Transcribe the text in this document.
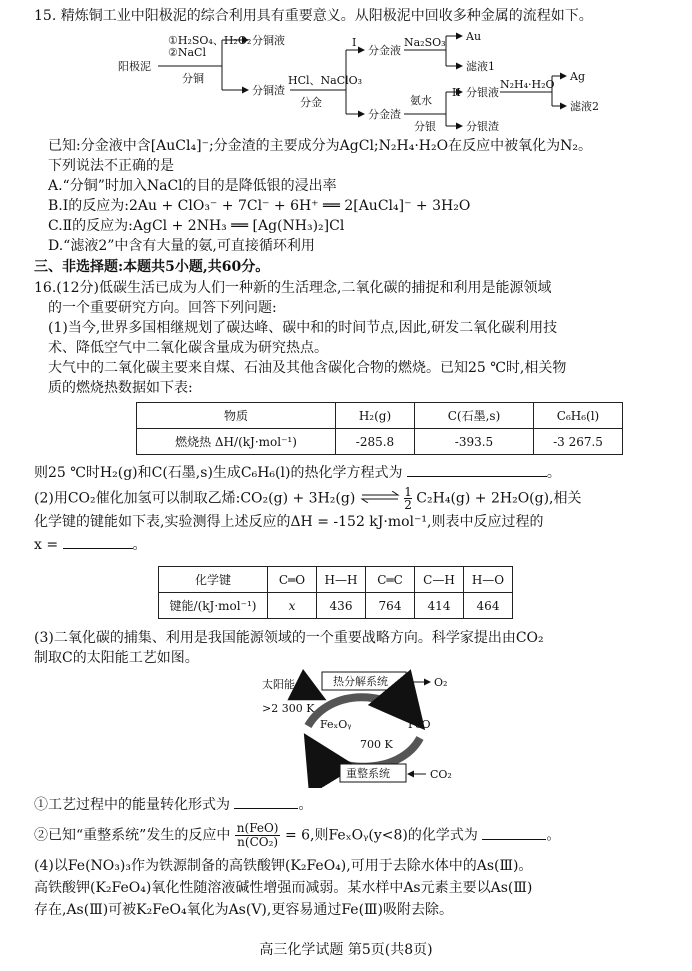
15. 精炼铜工业中阳极泥的综合利用具有重要意义。从阳极泥中回收多种金属的流程如下。
阳极泥
①H₂SO₄、H₂O₂
②NaCl
分铜
分铜液
分铜渣
HCl、NaClO₃
分金
I
分金液
分金渣
Na₂SO₃ Au
滤液1
氨水
分银
II 分银液
分银渣
N₂H₄·H₂O
Ag
滤液2
已知:分金液中含[AuCl₄]⁻;分金渣的主要成分为AgCl;N₂H₄·H₂O在反应中被氧化为N₂。
下列说法不正确的是
A.“分铜”时加入NaCl的目的是降低银的浸出率
B.Ⅰ的反应为:2Au + ClO₃⁻ + 7Cl⁻ + 6H⁺ ══ 2[AuCl₄]⁻ + 3H₂O
C.Ⅱ的反应为:AgCl + 2NH₃ ══ [Ag(NH₃)₂]Cl
D.“滤液2”中含有大量的氨,可直接循环利用
三、非选择题:本题共5小题,共60分。
16.(12分)低碳生活已成为人们一种新的生活理念,二氧化碳的捕捉和利用是能源领域
的一个重要研究方向。回答下列问题:
(1)当今,世界多国相继规划了碳达峰、碳中和的时间节点,因此,研发二氧化碳利用技
术、降低空气中二氧化碳含量成为研究热点。
大气中的二氧化碳主要来自煤、石油及其他含碳化合物的燃烧。已知25 ℃时,相关物
质的燃烧热数据如下表:
物质	H₂(g)	C(石墨,s)	C₆H₆(l)
燃烧热 ΔH/(kJ·mol⁻¹)	-285.8	-393.5	-3 267.5
则25 ℃时H₂(g)和C(石墨,s)生成C₆H₆(l)的热化学方程式为	。
(2)用CO₂催化加氢可以制取乙烯:CO₂(g) + 3H₂(g) ⇌ $\frac{1}{2} C_2H_4(g) + 2H_2O(g)$,相关
化学键的键能如下表,实验测得上述反应的ΔH = -152 kJ·mol⁻¹,则表中反应过程的
x =	。
化学键	C═O	H—H	C═C	C—H	H—O
键能/(kJ·mol⁻¹)	x	436	764	414	464
(3)二氧化碳的捕集、利用是我国能源领域的一个重要战略方向。科学家提出由CO₂
制取C的太阳能工艺如图。
太阳能	热分解系统	O₂
>2 300 K
FeₓOᵧ	FeO
700 K
C 重整系统	CO₂
①工艺过程中的能量转化形式为	。
②已知“重整系统”发生的反应中 n(FeO)
n(CO₂) = 6,则FeₓOᵧ(y<8)的化学式为	。
(4)以Fe(NO₃)₃作为铁源制备的高铁酸钾(K₂FeO₄),可用于去除水体中的As(Ⅲ)。
高铁酸钾(K₂FeO₄)氧化性随溶液碱性增强而减弱。某水样中As元素主要以As(Ⅲ)
存在,As(Ⅲ)可被K₂FeO₄氧化为As(Ⅴ),更容易通过Fe(Ⅲ)吸附去除。
高三化学试题 第5页(共8页)
